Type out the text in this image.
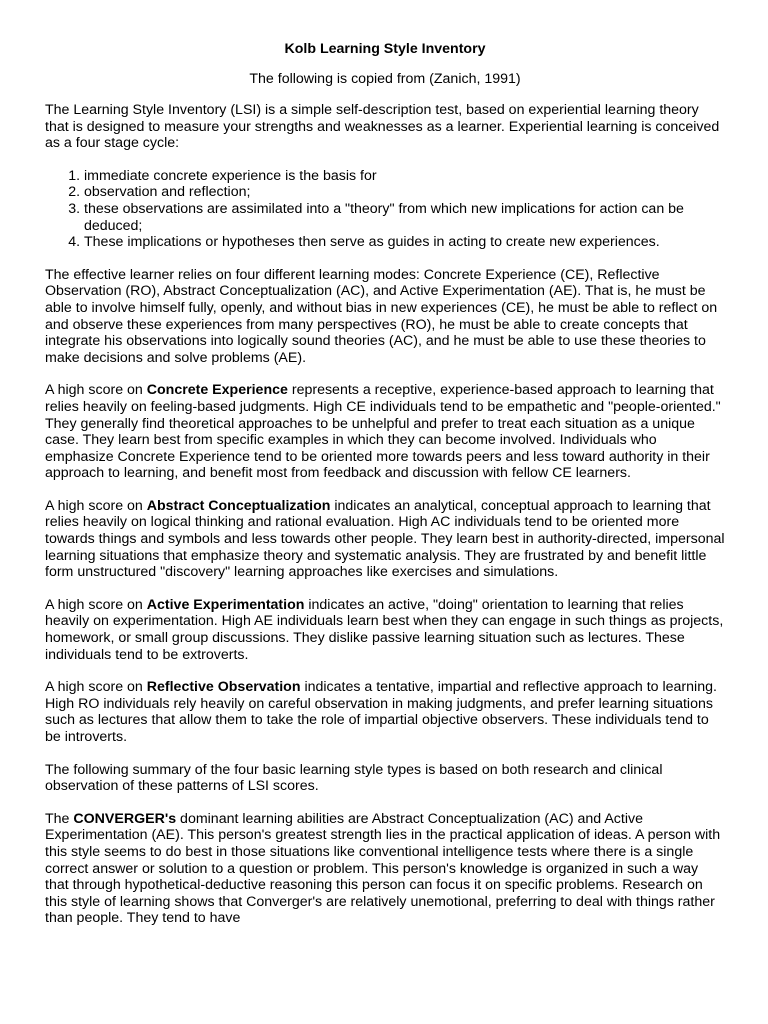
Kolb Learning Style Inventory
The following is copied from (Zanich, 1991)

The Learning Style Inventory (LSI) is a simple self-description test, based on experiential learning theory that is designed to measure your strengths and weaknesses as a learner. Experiential learning is conceived as a four stage cycle:

1. immediate concrete experience is the basis for
2. observation and reflection;
3. these observations are assimilated into a "theory" from which new implications for action can be deduced;
4. These implications or hypotheses then serve as guides in acting to create new experiences.

The effective learner relies on four different learning modes: Concrete Experience (CE), Reflective Observation (RO), Abstract Conceptualization (AC), and Active Experimentation (AE). That is, he must be able to involve himself fully, openly, and without bias in new experiences (CE), he must be able to reflect on and observe these experiences from many perspectives (RO), he must be able to create concepts that integrate his observations into logically sound theories (AC), and he must be able to use these theories to make decisions and solve problems (AE).

A high score on Concrete Experience represents a receptive, experience-based approach to learning that relies heavily on feeling-based judgments. High CE individuals tend to be empathetic and "people-oriented." They generally find theoretical approaches to be unhelpful and prefer to treat each situation as a unique case. They learn best from specific examples in which they can become involved. Individuals who emphasize Concrete Experience tend to be oriented more towards peers and less toward authority in their approach to learning, and benefit most from feedback and discussion with fellow CE learners.

A high score on Abstract Conceptualization indicates an analytical, conceptual approach to learning that relies heavily on logical thinking and rational evaluation. High AC individuals tend to be oriented more towards things and symbols and less towards other people. They learn best in authority-directed, impersonal learning situations that emphasize theory and systematic analysis. They are frustrated by and benefit little form unstructured "discovery" learning approaches like exercises and simulations.

A high score on Active Experimentation indicates an active, "doing" orientation to learning that relies heavily on experimentation. High AE individuals learn best when they can engage in such things as projects, homework, or small group discussions. They dislike passive learning situation such as lectures. These individuals tend to be extroverts.

A high score on Reflective Observation indicates a tentative, impartial and reflective approach to learning. High RO individuals rely heavily on careful observation in making judgments, and prefer learning situations such as lectures that allow them to take the role of impartial objective observers. These individuals tend to be introverts.

The following summary of the four basic learning style types is based on both research and clinical observation of these patterns of LSI scores.

The CONVERGER's dominant learning abilities are Abstract Conceptualization (AC) and Active Experimentation (AE). This person's greatest strength lies in the practical application of ideas. A person with this style seems to do best in those situations like conventional intelligence tests where there is a single correct answer or solution to a question or problem. This person's knowledge is organized in such a way that through hypothetical-deductive reasoning this person can focus it on specific problems. Research on this style of learning shows that Converger's are relatively unemotional, preferring to deal with things rather than people. They tend to have
